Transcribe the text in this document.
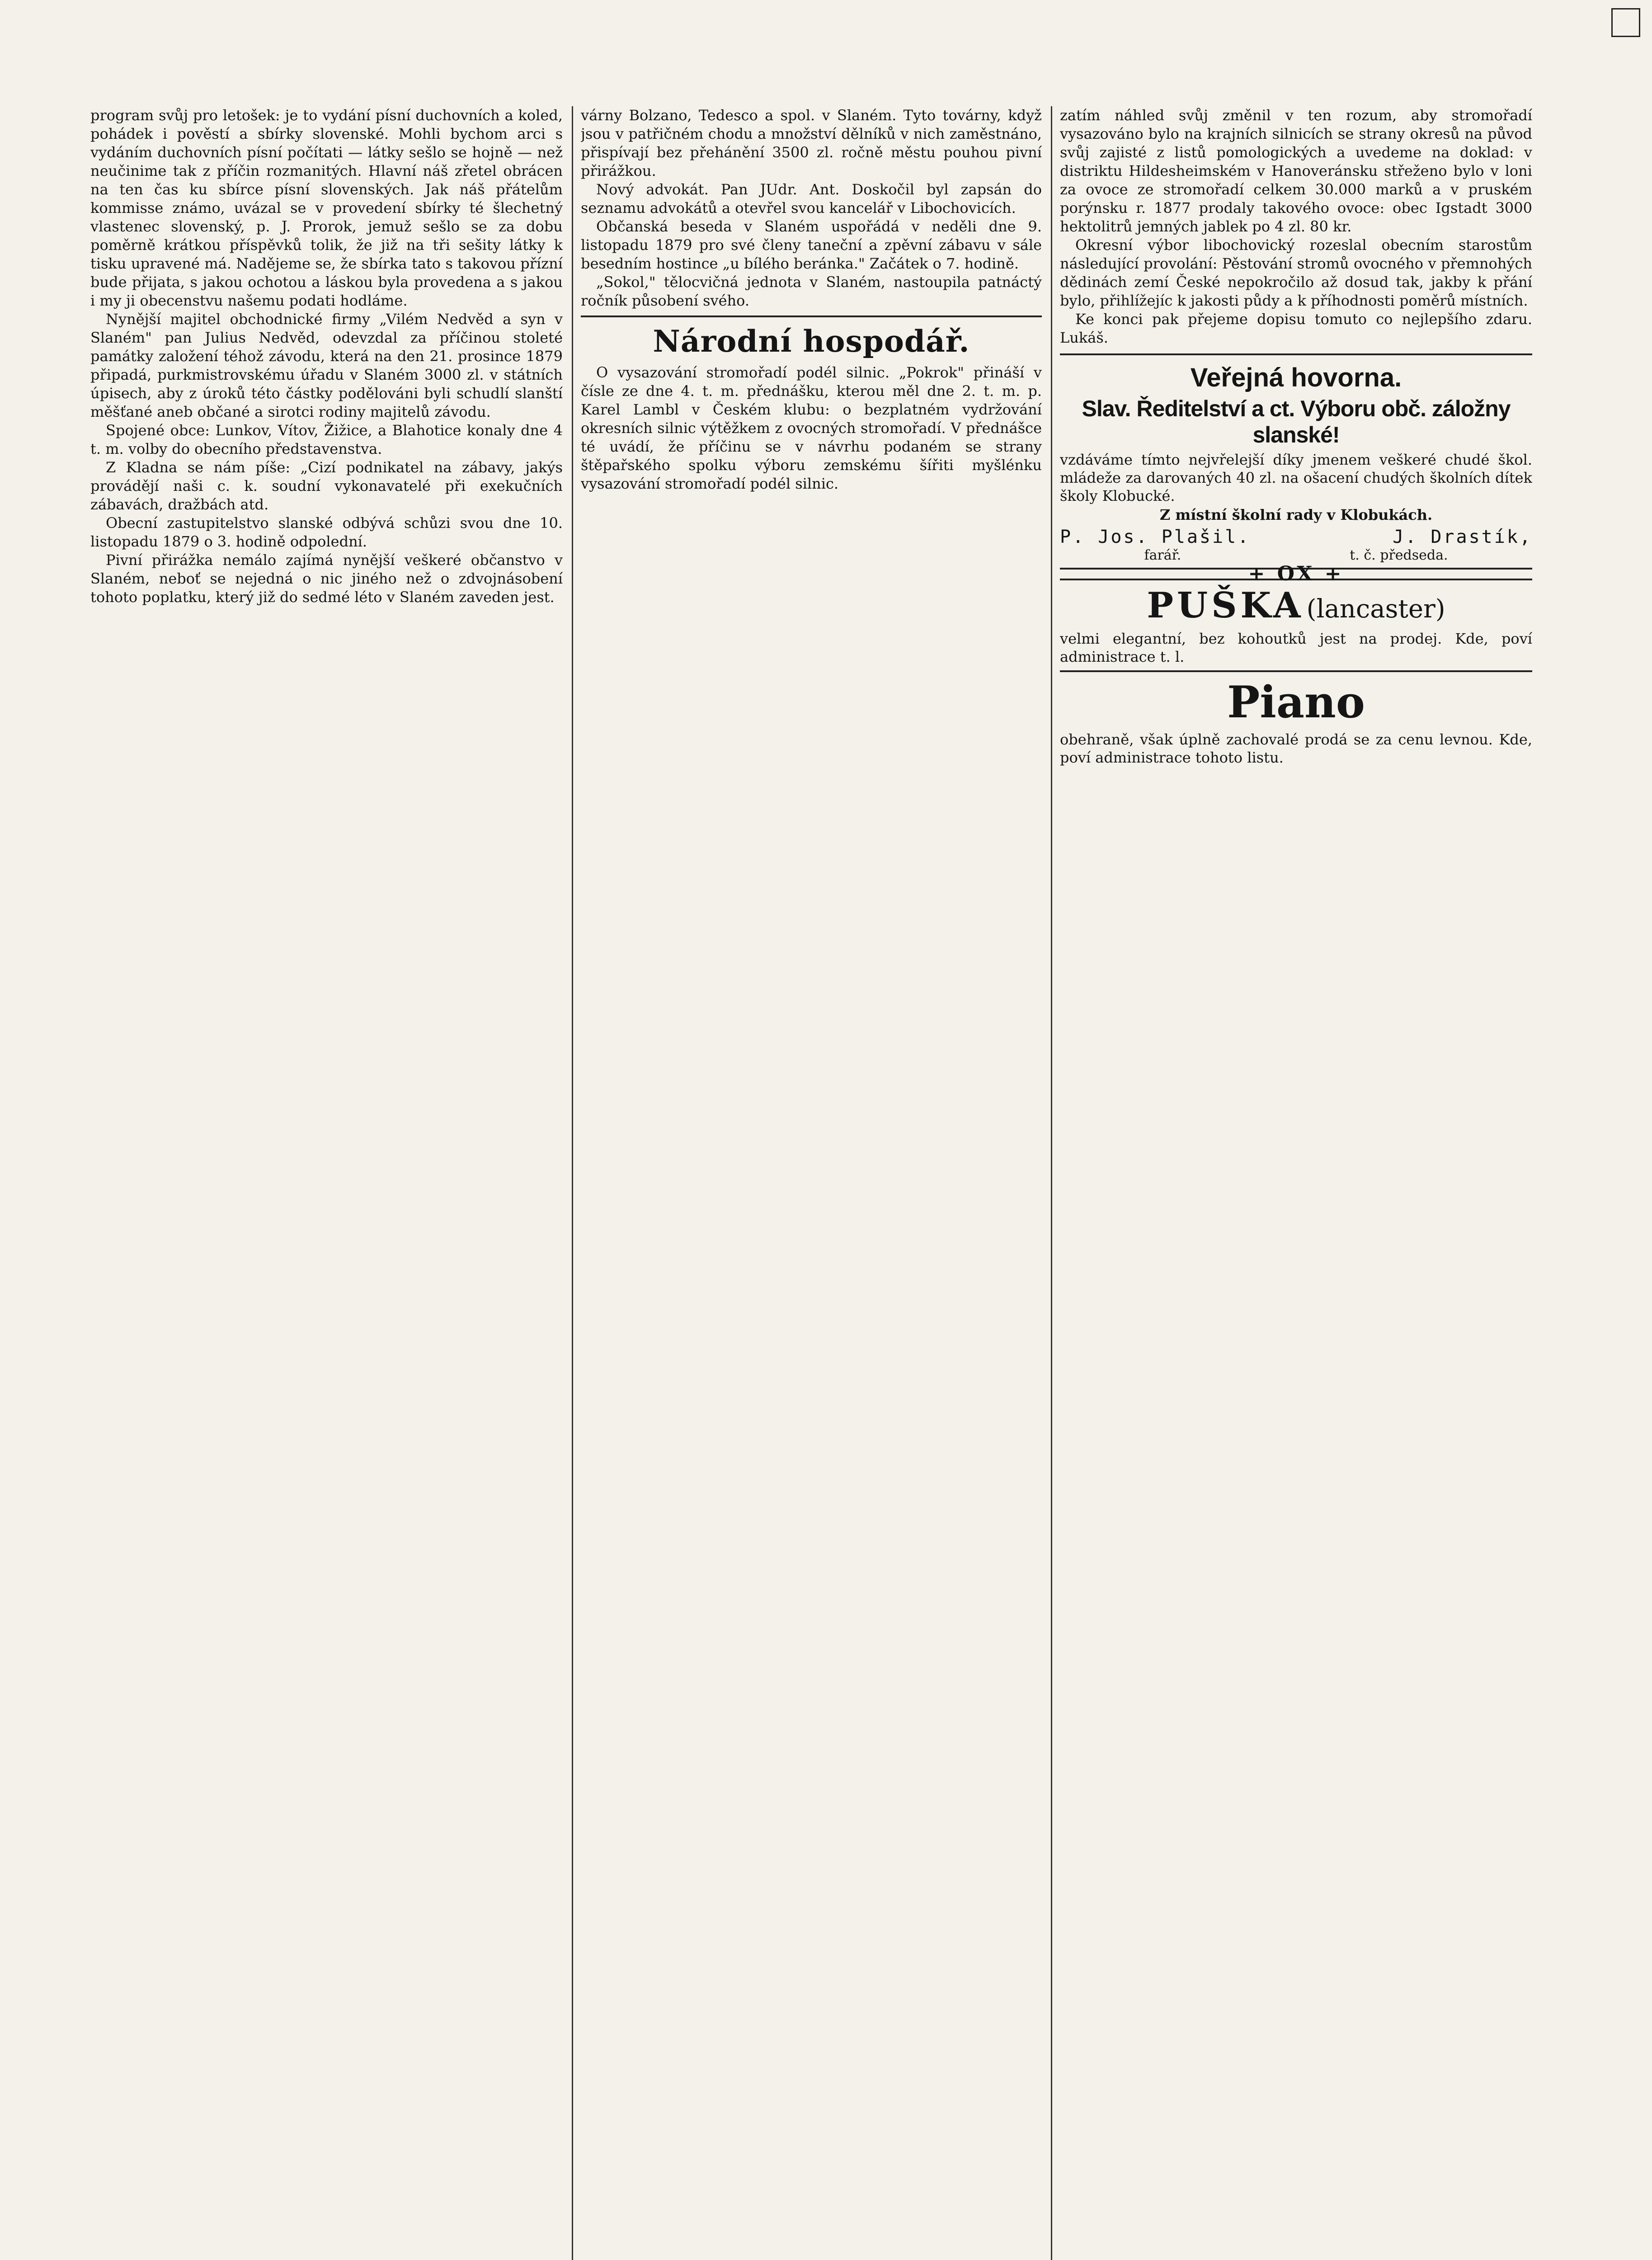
program svůj pro letošek: je to vydání písní duchovních a koled, pohádek i pověstí a sbírky slovenské. Mohli bychom arci s vydáním duchovních písní počítati — látky sešlo se hojně — než neučinime tak z příčin rozmanitých. Hlavní náš zřetel obrácen na ten čas ku sbírce písní slovenských. Jak náš přátelům kommisse známo, uvázal se v provedení sbírky té šlechetný vlastenec slovenský, p. J. Prorok, jemuž sešlo se za dobu poměrně krátkou příspěvků tolik, že již na tři sešity látky k tisku upravené má. Nadějeme se, že sbírka tato s takovou přízní bude přijata, s jakou ochotou a láskou byla provedena a s jakou i my ji obecenstvu našemu podati hodláme.

Nynější majitel obchodnické firmy „Vilém Nedvěd a syn v Slaném" pan Julius Nedvěd, odevzdal za příčinou stoleté památky založení téhož závodu, která na den 21. prosince 1879 připadá, purkmistrovskému úřadu v Slaném 3000 zl. v státních úpisech, aby z úroků této částky podělováni byli schudlí slanští měšťané aneb občané a sirotci rodiny majitelů závodu.

Spojené obce: Lunkov, Vítov, Žižice, a Blahotice konaly dne 4 t. m. volby do obecního představenstva.

Z Kladna se nám píše: „Cizí podnikatel na zábavy, jakýs provádějí naši c. k. soudní vykonavatelé při exekučních zábavách, dražbách atd.

Obecní zastupitelstvo slanské odbývá schůzi svou dne 10. listopadu 1879 o 3. hodině odpolední.

Pivní přirážka nemálo zajímá nynější veškeré občanstvo v Slaném, neboť se nejedná o nic jiného než o zdvojnásobení tohoto poplatku, který již do sedmé léto v Slaném zaveden jest.

várny Bolzano, Tedesco a spol. v Slaném. Tyto továrny, když jsou v patřičném chodu a množství dělníků v nich zaměstnáno, přispívají bez přehánění 3500 zl. ročně městu pouhou pivní přirážkou.

Nový advokát. Pan JUdr. Ant. Doskočil byl zapsán do seznamu advokátů a otevřel svou kancelář v Libochovicích.

Občanská beseda v Slaném uspořádá v neděli dne 9. listopadu 1879 pro své členy taneční a zpěvní zábavu v sále besedním hostince „u bílého beránka." Začátek o 7. hodině.

„Sokol," tělocvičná jednota v Slaném, nastoupila patnáctý ročník působení svého.

Národní hospodář.

O vysazování stromořadí podél silnic. „Pokrok" přináší v čísle ze dne 4. t. m. přednášku, kterou měl dne 2. t. m. p. Karel Lambl v Českém klubu: o bezplatném vydržování okresních silnic výtěžkem z ovocných stromořadí. V přednášce té uvádí, že příčinu se v návrhu podaném se strany štěpařského spolku výboru zemskému šířiti myšlénku vysazování stromořadí podél silnic.

zatím náhled svůj změnil v ten rozum, aby stromořadí vysazováno bylo na krajních silnicích se strany okresů na původ svůj zajisté z listů pomologických a uvedeme na doklad: v distriktu Hildesheimském v Hanoveránsku střeženo bylo v loni za ovoce ze stromořadí celkem 30.000 marků a v pruském porýnsku r. 1877 prodaly takového ovoce: obec Igstadt 3000 hektolitrů jemných jablek po 4 zl. 80 kr.

Okresní výbor libochovický rozeslal obecním starostům následující provolání: Pěstování stromů ovocného v přemnohých dědinách zemí České nepokročilo až dosud tak, jakby k přání bylo, přihlížejíc k jakosti půdy a k příhodnosti poměrů místních.

Ke konci pak přejeme dopisu tomuto co nejlepšího zdaru. Lukáš.

Veřejná hovorna.
Slav. Ředitelství a ct. Výboru obč. záložny slanské!

vzdáváme tímto nejvřelejší díky jmenem veškeré chudé škol. mládeže za darovaných 40 zl. na ošacení chudých školních dítek školy Klobucké.

Z místní školní rady v Klobukách.

P. Jos. Plašil.	J. Drastík,
farář.	t. č. předseda.
+ OX +
PUŠKA (lancaster)

velmi elegantní, bez kohoutků jest na prodej. Kde, poví administrace t. l.

Piano

obehraně, však úplně zachovalé prodá se za cenu levnou. Kde, poví administrace tohoto listu.
